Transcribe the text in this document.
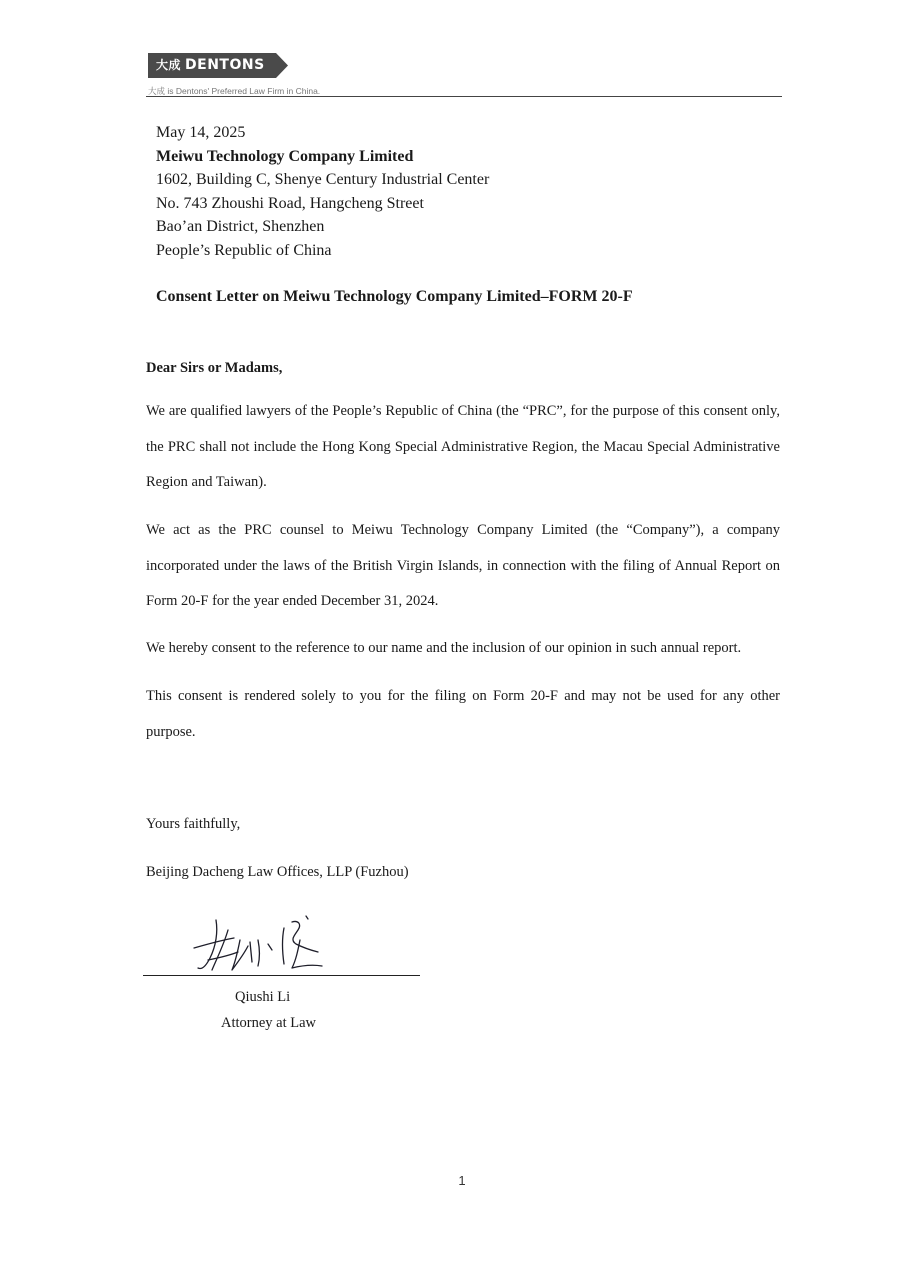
大成 DENTONS
大成 is Dentons' Preferred Law Firm in China.
May 14, 2025
Meiwu Technology Company Limited
1602, Building C, Shenye Century Industrial Center
No. 743 Zhoushi Road, Hangcheng Street
Bao’an District, Shenzhen
People’s Republic of China
Consent Letter on Meiwu Technology Company Limited–FORM 20-F
Dear Sirs or Madams,

We are qualified lawyers of the People’s Republic of China (the “PRC”, for the purpose of this consent only, the PRC shall not include the Hong Kong Special Administrative Region, the Macau Special Administrative Region and Taiwan).

We act as the PRC counsel to Meiwu Technology Company Limited (the “Company”), a company incorporated under the laws of the British Virgin Islands, in connection with the filing of Annual Report on Form 20-F for the year ended December 31, 2024.

We hereby consent to the reference to our name and the inclusion of our opinion in such annual report.

This consent is rendered solely to you for the filing on Form 20-F and may not be used for any other purpose.

Yours faithfully,
Beijing Dacheng Law Offices, LLP (Fuzhou)
Qiushi Li
Attorney at Law
1
